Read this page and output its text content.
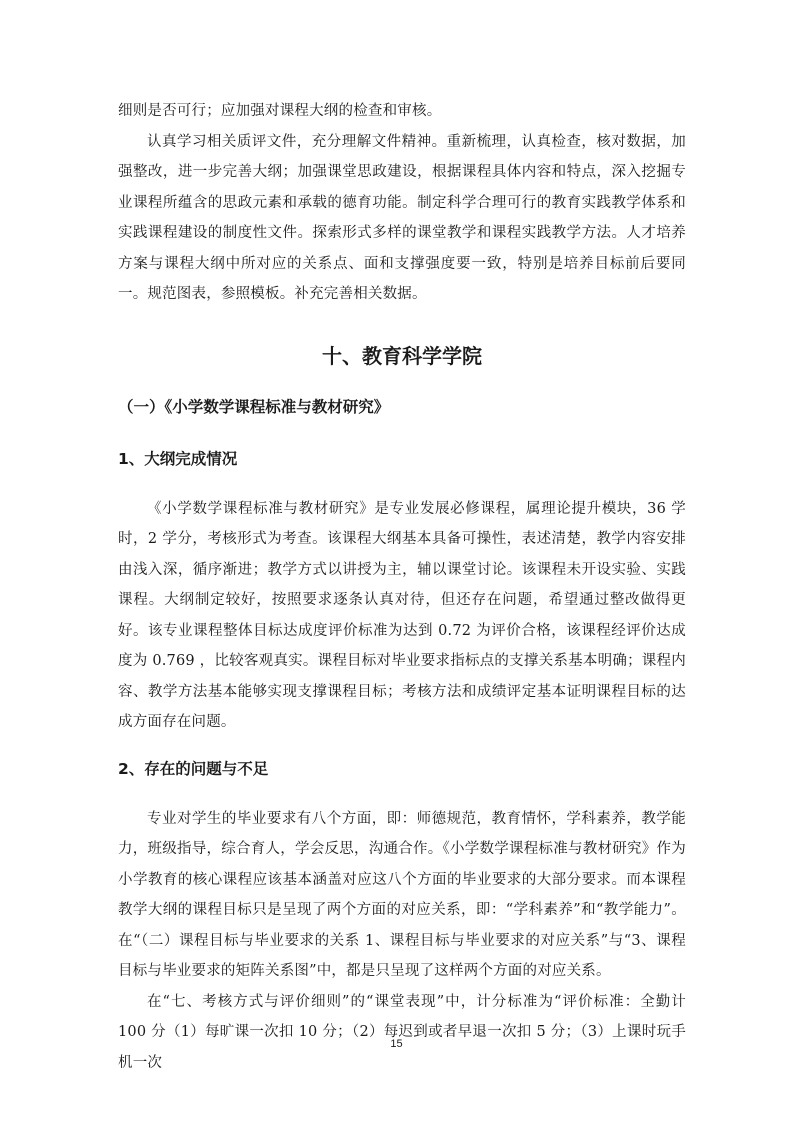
细则是否可行；应加强对课程大纲的检查和审核。

认真学习相关质评文件，充分理解文件精神。重新梳理，认真检查，核对数据，加强整改，进一步完善大纲；加强课堂思政建设，根据课程具体内容和特点，深入挖掘专业课程所蕴含的思政元素和承载的德育功能。制定科学合理可行的教育实践教学体系和实践课程建设的制度性文件。探索形式多样的课堂教学和课程实践教学方法。人才培养方案与课程大纲中所对应的关系点、面和支撑强度要一致，特别是培养目标前后要同一。规范图表，参照模板。补充完善相关数据。

十、教育科学学院
（一）《小学数学课程标准与教材研究》
1、大纲完成情况

《小学数学课程标准与教材研究》是专业发展必修课程，属理论提升模块，36 学时，2 学分，考核形式为考查。该课程大纲基本具备可操性，表述清楚，教学内容安排由浅入深，循序渐进；教学方式以讲授为主，辅以课堂讨论。该课程未开设实验、实践课程。大纲制定较好，按照要求逐条认真对待，但还存在问题，希望通过整改做得更好。该专业课程整体目标达成度评价标准为达到 0.72 为评价合格，该课程经评价达成度为 0.769 ，比较客观真实。课程目标对毕业要求指标点的支撑关系基本明确；课程内容、教学方法基本能够实现支撑课程目标；考核方法和成绩评定基本证明课程目标的达成方面存在问题。

2、存在的问题与不足

专业对学生的毕业要求有八个方面，即：师德规范，教育情怀，学科素养，教学能力，班级指导，综合育人，学会反思，沟通合作。《小学数学课程标准与教材研究》作为小学教育的核心课程应该基本涵盖对应这八个方面的毕业要求的大部分要求。而本课程教学大纲的课程目标只是呈现了两个方面的对应关系，即：“学科素养”和“教学能力”。在“（二）课程目标与毕业要求的关系 1、课程目标与毕业要求的对应关系”与“3、课程目标与毕业要求的矩阵关系图”中，都是只呈现了这样两个方面的对应关系。

在“七、考核方式与评价细则”的“课堂表现”中，计分标准为“评价标准：全勤计 100 分（1）每旷课一次扣 10 分；（2）每迟到或者早退一次扣 5 分；（3）上课时玩手机一次

15
